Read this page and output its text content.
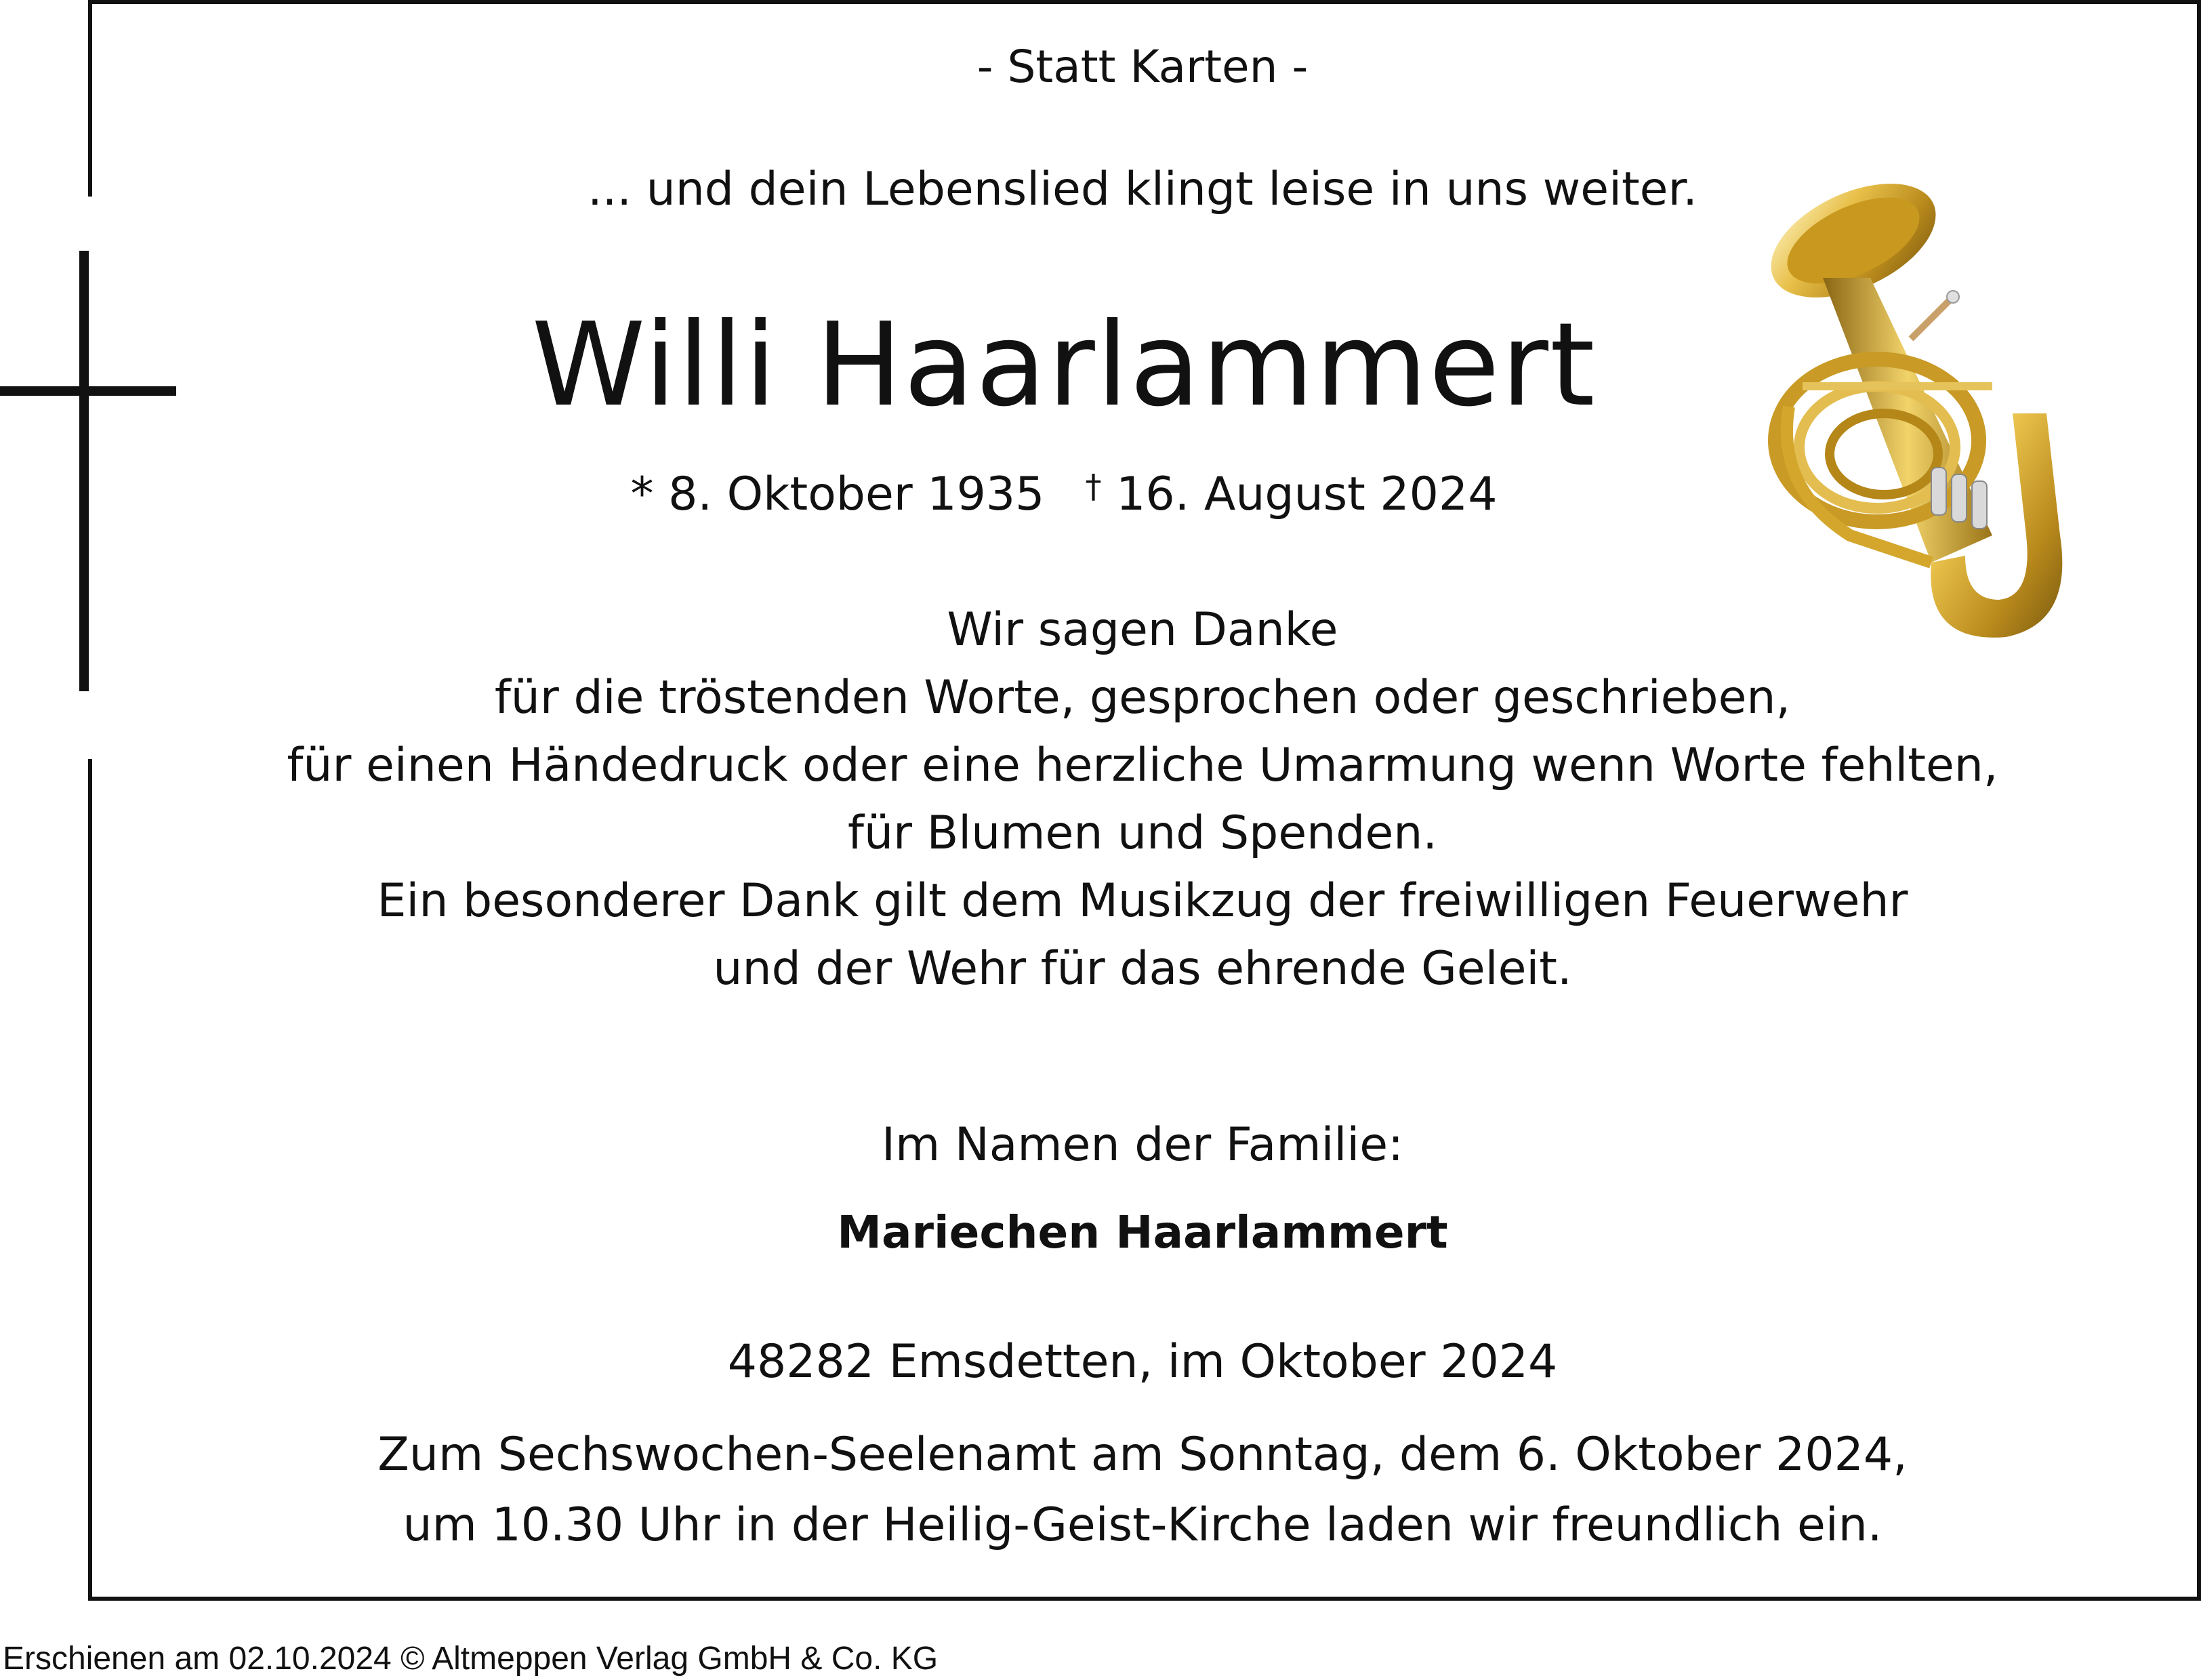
- Statt Karten -
... und dein Lebenslied klingt leise in uns weiter.
Willi Haarlammert
* 8. Oktober 1935 † 16. August 2024
Wir sagen Danke
für die tröstenden Worte, gesprochen oder geschrieben,
für einen Händedruck oder eine herzliche Umarmung wenn Worte fehlten,
für Blumen und Spenden.
Ein besonderer Dank gilt dem Musikzug der freiwilligen Feuerwehr
und der Wehr für das ehrende Geleit.
Im Namen der Familie:
Mariechen Haarlammert
48282 Emsdetten, im Oktober 2024
Zum Sechswochen-Seelenamt am Sonntag, dem 6. Oktober 2024,
um 10.30 Uhr in der Heilig-Geist-Kirche laden wir freundlich ein.
Erschienen am 02.10.2024 © Altmeppen Verlag GmbH & Co. KG
